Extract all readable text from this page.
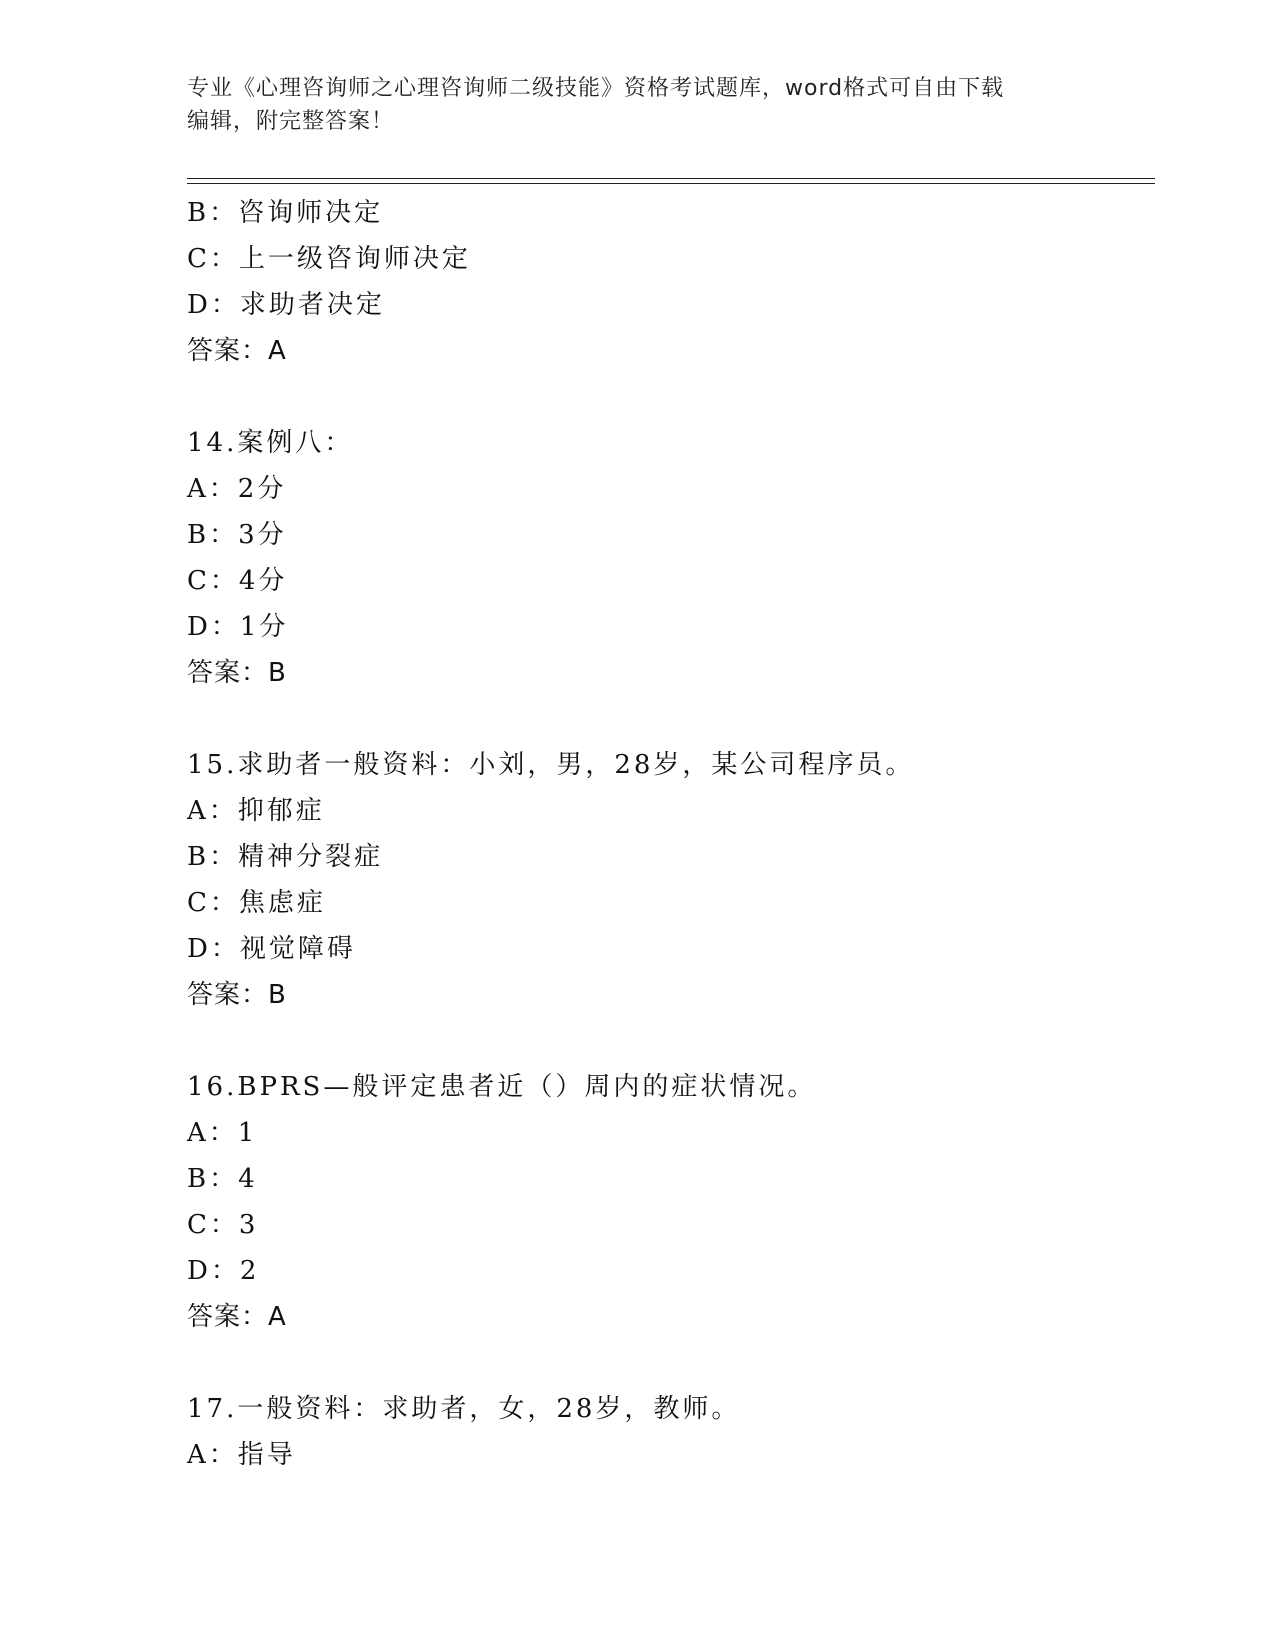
专业《心理咨询师之心理咨询师二级技能》资格考试题库，word格式可自由下载
编辑，附完整答案！
B：咨询师决定
C：上一级咨询师决定
D：求助者决定
答案：A
14.案例八：
A：2分
B：3分
C：4分
D：1分
答案：B
15.求助者一般资料：小刘，男，28岁，某公司程序员。
A：抑郁症
B：精神分裂症
C：焦虑症
D：视觉障碍
答案：B
16.BPRS—般评定患者近（）周内的症状情况。
A：1
B：4
C：3
D：2
答案：A
17.一般资料：求助者，女，28岁，教师。
A：指导
